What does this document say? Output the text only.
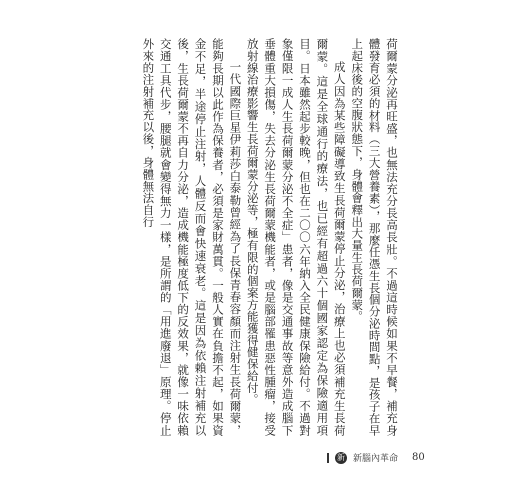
荷爾蒙分泌再旺盛，也無法充分長高長壯。不過這時候如果不早餐，補充身體發育必須的材料（三大營養素），那麼任憑生長個分泌時間點，是孩子在早上起床後的空腹狀態下，身體會釋出大量生長荷爾蒙。

成人因為某些障礙導致生長荷爾蒙停止分泌，治療上也必須補充生長荷爾蒙。這是全球通行的療法，也已經有超過六十個國家認定為保險適用項目。日本雖然起步較晚，但也在二〇〇六年納入全民健康保險給付。不過對象僅限一成人生長荷爾蒙分泌不全症」患者，像是交通事故等意外造成腦下垂體重大損傷，失去分泌生長荷爾蒙機能者，或是腦部罹患惡性腫瘤，接受放射線治療影響生長荷爾蒙分泌等，極有限的個案方能獲得健保給付。

一代國際巨星伊莉莎白泰勒曾經為了長保青春容顏而注射生長荷爾蒙，能夠長期以此作為保養者，必須是家財萬貫。一般人實在負擔不起，如果資金不足，半途停止注射，人體反而會快速衰老。這是因為依賴注射補充以後，生長荷爾蒙不再自力分泌，造成機能極度低下的反效果，就像一味依賴交通工具代步，腰腿就會變得無力一樣，是所謂的「用進廢退」原理。停止外來的注射補充以後，身體無法自行

新 新腦內革命 80
